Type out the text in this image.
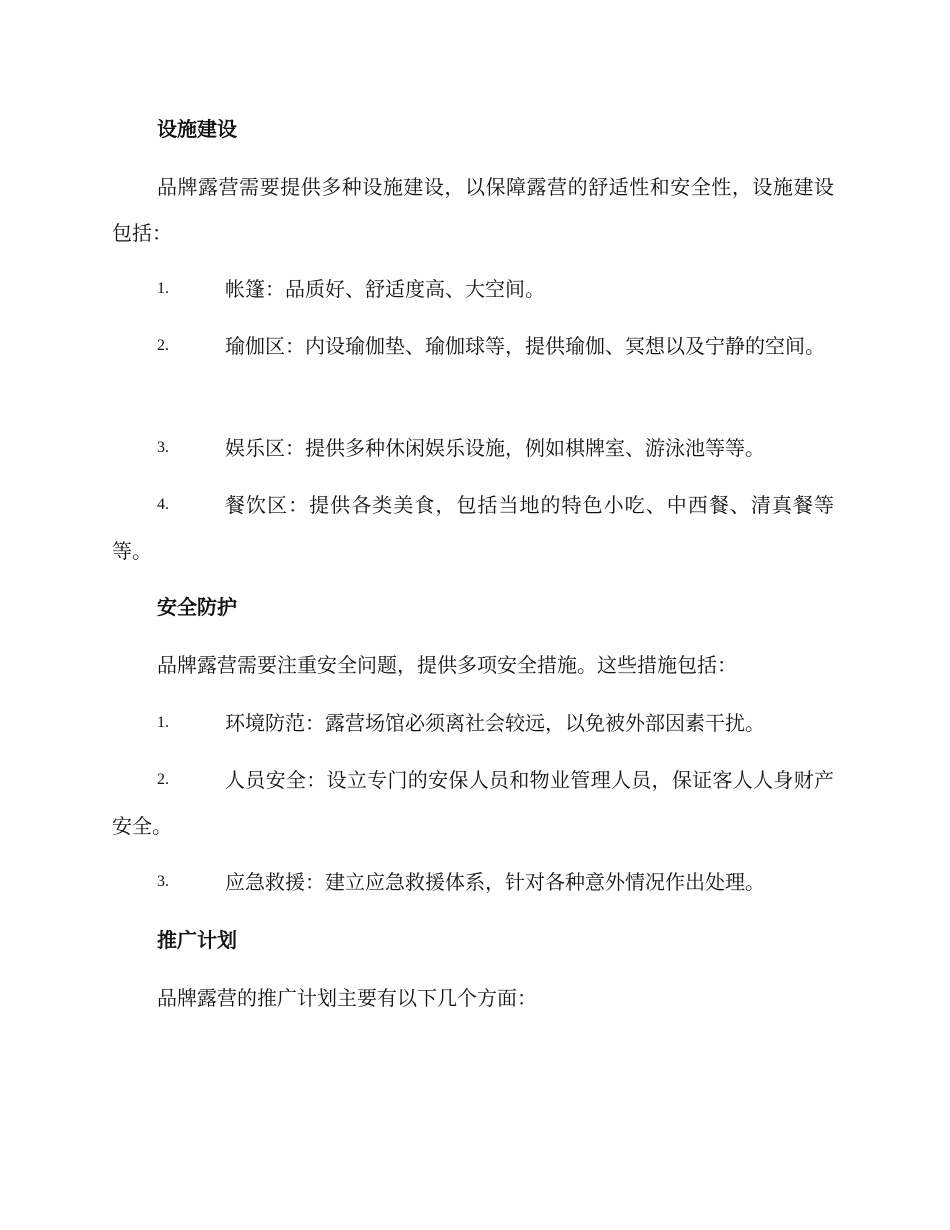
设施建设

品牌露营需要提供多种设施建设，以保障露营的舒适性和安全性，设施建设包括：

1.	帐篷：品质好、舒适度高、大空间。
2.	瑜伽区：内设瑜伽垫、瑜伽球等，提供瑜伽、冥想以及宁静的空间。
3.	娱乐区：提供多种休闲娱乐设施，例如棋牌室、游泳池等等。
4.	餐饮区：提供各类美食，包括当地的特色小吃、中西餐、清真餐等等。
安全防护

品牌露营需要注重安全问题，提供多项安全措施。这些措施包括：

1.	环境防范：露营场馆必须离社会较远，以免被外部因素干扰。
2.	人员安全：设立专门的安保人员和物业管理人员，保证客人人身财产安全。
3.	应急救援：建立应急救援体系，针对各种意外情况作出处理。
推广计划

品牌露营的推广计划主要有以下几个方面：
